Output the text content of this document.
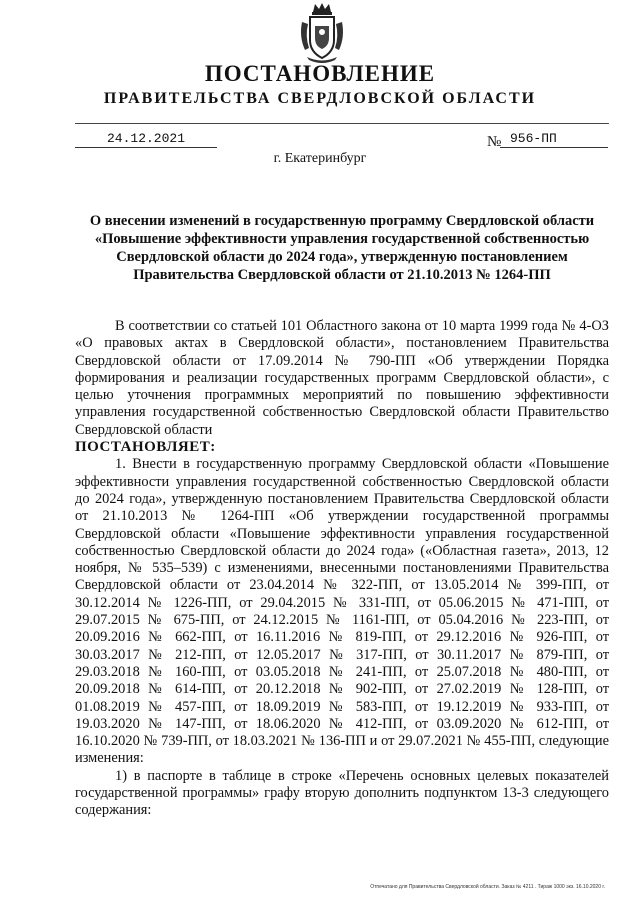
ПОСТАНОВЛЕНИЕ
ПРАВИТЕЛЬСТВА СВЕРДЛОВСКОЙ ОБЛАСТИ
24.12.2021	№ 956-ПП
г. Екатеринбург
О внесении изменений в государственную программу Свердловской области «Повышение эффективности управления государственной собственностью Свердловской области до 2024 года», утвержденную постановлением Правительства Свердловской области от 21.10.2013 № 1264-ПП

В соответствии со статьей 101 Областного закона от 10 марта 1999 года № 4-ОЗ «О правовых актах в Свердловской области», постановлением Правительства Свердловской области от 17.09.2014 № 790-ПП «Об утверждении Порядка формирования и реализации государственных программ Свердловской области», с целью уточнения программных мероприятий по повышению эффективности управления государственной собственностью Свердловской области Правительство Свердловской области

ПОСТАНОВЛЯЕТ:

1. Внести в государственную программу Свердловской области «Повышение эффективности управления государственной собственностью Свердловской области до 2024 года», утвержденную постановлением Правительства Свердловской области от 21.10.2013 № 1264-ПП «Об утверждении государственной программы Свердловской области «Повышение эффективности управления государственной собственностью Свердловской области до 2024 года» («Областная газета», 2013, 12 ноября, № 535–539) с изменениями, внесенными постановлениями Правительства Свердловской области от 23.04.2014 № 322-ПП, от 13.05.2014 № 399-ПП, от 30.12.2014 № 1226-ПП, от 29.04.2015 № 331-ПП, от 05.06.2015 № 471-ПП, от 29.07.2015 № 675-ПП, от 24.12.2015 № 1161-ПП, от 05.04.2016 № 223-ПП, от 20.09.2016 № 662-ПП, от 16.11.2016 № 819-ПП, от 29.12.2016 № 926-ПП, от 30.03.2017 № 212-ПП, от 12.05.2017 № 317-ПП, от 30.11.2017 № 879-ПП, от 29.03.2018 № 160-ПП, от 03.05.2018 № 241-ПП, от 25.07.2018 № 480-ПП, от 20.09.2018 № 614-ПП, от 20.12.2018 № 902-ПП, от 27.02.2019 № 128-ПП, от 01.08.2019 № 457-ПП, от 18.09.2019 № 583-ПП, от 19.12.2019 № 933-ПП, от 19.03.2020 № 147-ПП, от 18.06.2020 № 412-ПП, от 03.09.2020 № 612-ПП, от 16.10.2020 № 739-ПП, от 18.03.2021 № 136-ПП и от 29.07.2021 № 455-ПП, следующие изменения:

1) в паспорте в таблице в строке «Перечень основных целевых показателей государственной программы» графу вторую дополнить подпунктом 13-3 следующего содержания:

Отпечатано для Правительства Свердловской области. Заказ № 4211 . Тираж 1000 экз. 16.10.2020 г.
